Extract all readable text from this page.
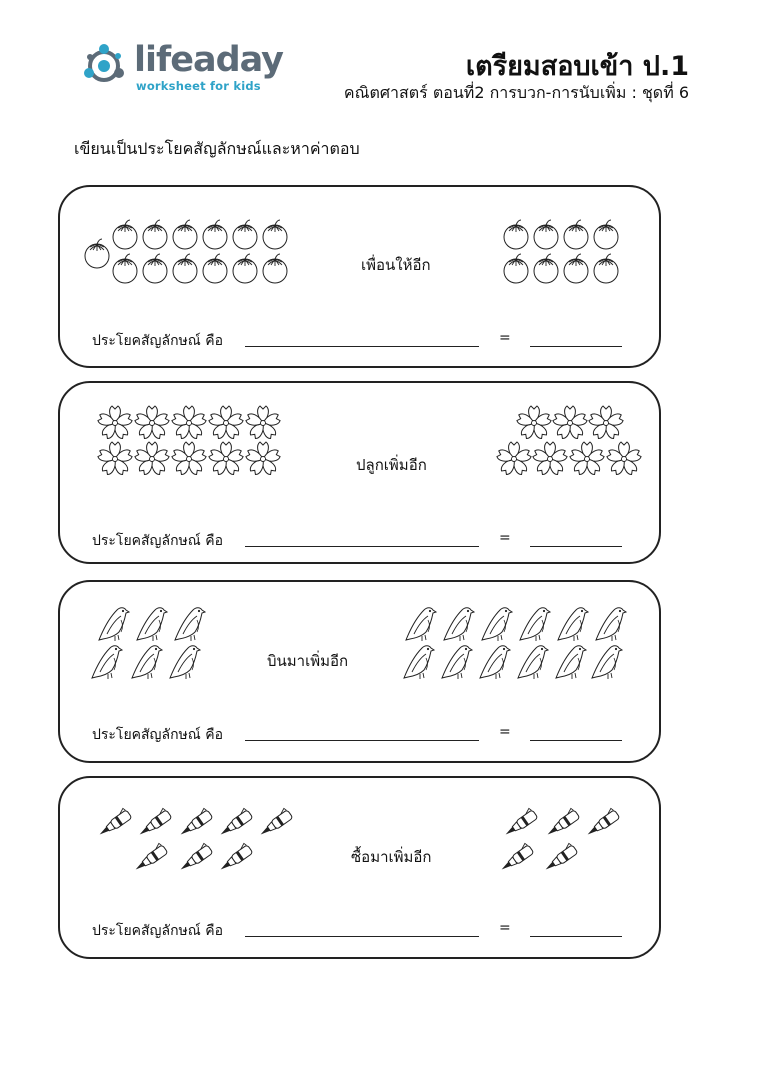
lifeaday
worksheet for kids
เตรียมสอบเข้า ป.1
คณิตศาสตร์ ตอนที่2 การบวก-การนับเพิ่ม : ชุดที่ 6
เขียนเป็นประโยคสัญลักษณ์และหาค่าตอบ
เพื่อนให้อีก
ประโยคสัญลักษณ์ คือ	=
ปลูกเพิ่มอีก
ประโยคสัญลักษณ์ คือ	=
บินมาเพิ่มอีก
ประโยคสัญลักษณ์ คือ	=
ซื้อมาเพิ่มอีก
ประโยคสัญลักษณ์ คือ	=
